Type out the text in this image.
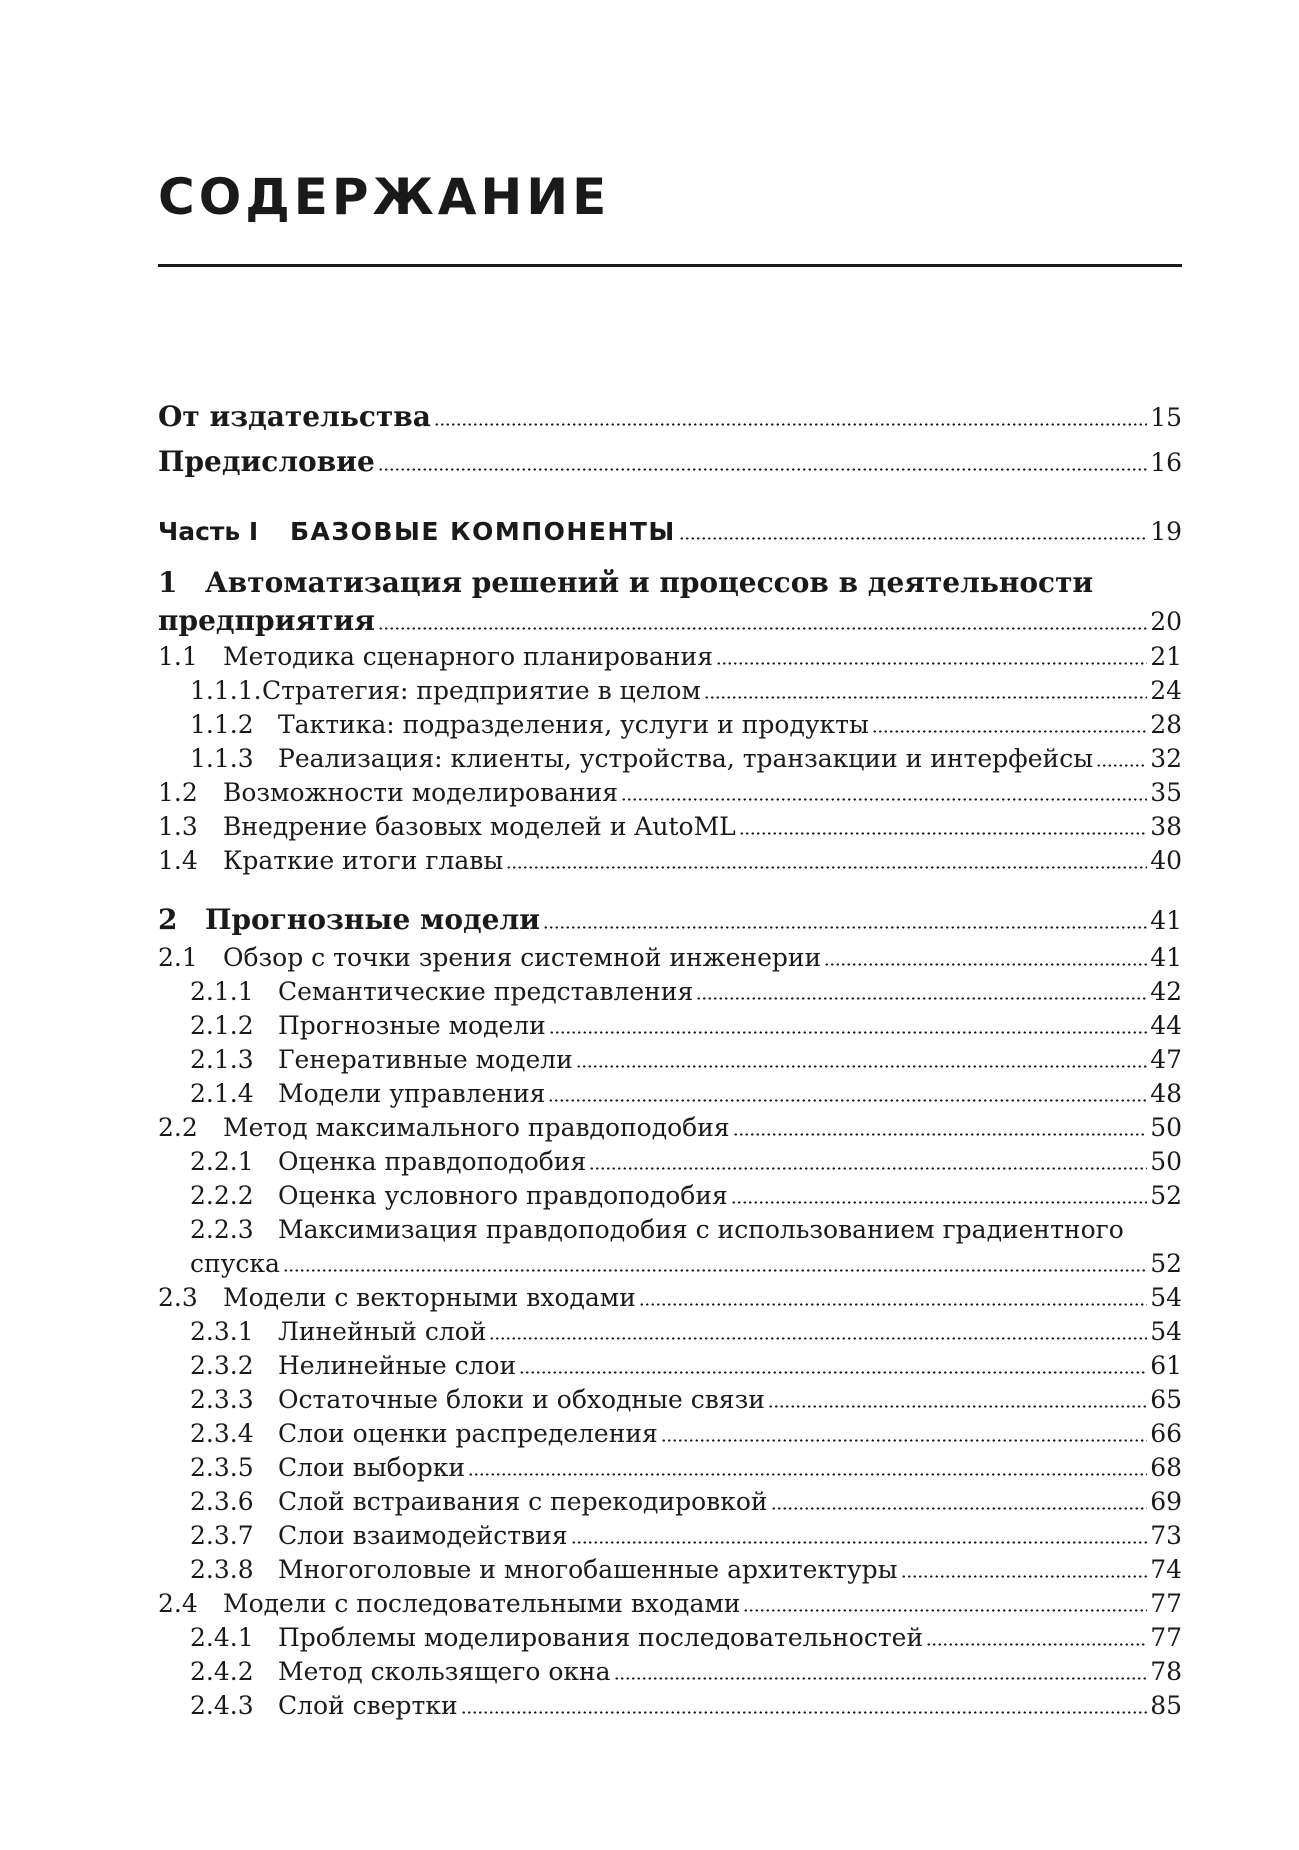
СОДЕРЖАНИЕ
От издательства	15
Предисловие	16
Часть I	БАЗОВЫЕ КОМПОНЕНТЫ	19
1 Автоматизация решений и процессов в деятельности
предприятия	20
1.1	Методика сценарного планирования	21
1.1.1. Стратегия: предприятие в целом	24
1.1.2 Тактика: подразделения, услуги и продукты	28
1.1.3 Реализация: клиенты, устройства, транзакции и интерфейсы 32
1.2	Возможности моделирования	35
1.3	Внедрение базовых моделей и AutoML	38
1.4	Краткие итоги главы	40
2 Прогнозные модели	41
2.1	Обзор с точки зрения системной инженерии	41
2.1.1 Семантические представления	42
2.1.2 Прогнозные модели	44
2.1.3 Генеративные модели	47
2.1.4 Модели управления	48
2.2	Метод максимального правдоподобия	50
2.2.1 Оценка правдоподобия	50
2.2.2 Оценка условного правдоподобия	52
2.2.3 Максимизация правдоподобия с использованием градиентного
спуска	52
2.3	Модели с векторными входами	54
2.3.1 Линейный слой	54
2.3.2 Нелинейные слои	61
2.3.3 Остаточные блоки и обходные связи	65
2.3.4 Слои оценки распределения	66
2.3.5 Слои выборки	68
2.3.6 Слой встраивания с перекодировкой	69
2.3.7 Слои взаимодействия	73
2.3.8 Многоголовые и многобашенные архитектуры	74
2.4	Модели с последовательными входами	77
2.4.1 Проблемы моделирования последовательностей	77
2.4.2 Метод скользящего окна	78
2.4.3 Слой свертки	85
